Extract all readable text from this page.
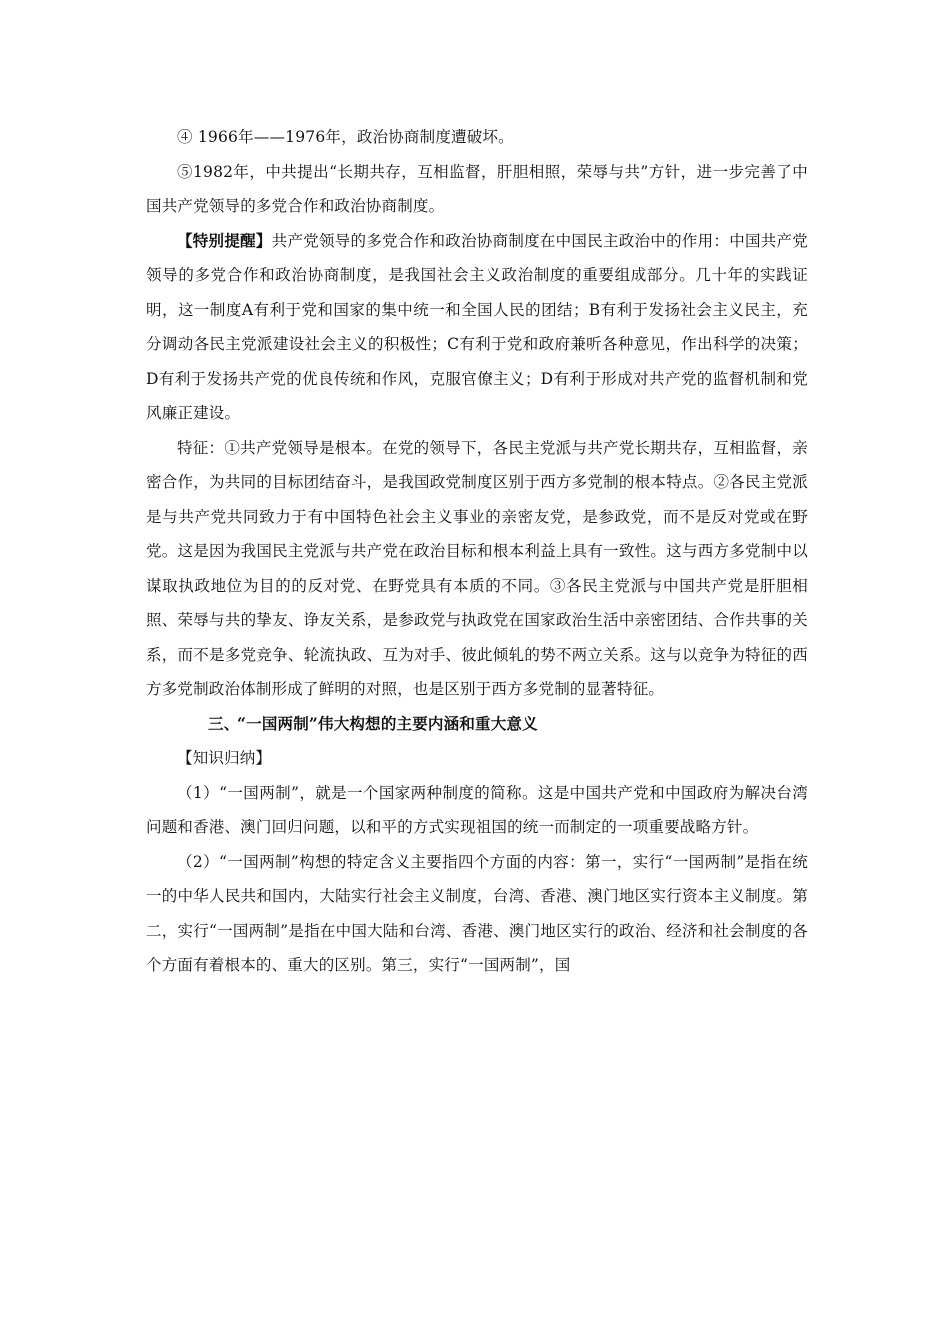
④ 1966年——1976年，政治协商制度遭破坏。

⑤1982年，中共提出“长期共存，互相监督，肝胆相照，荣辱与共”方针，进一步完善了中国共产党领导的多党合作和政治协商制度。

【特别提醒】共产党领导的多党合作和政治协商制度在中国民主政治中的作用：中国共产党领导的多党合作和政治协商制度，是我国社会主义政治制度的重要组成部分。几十年的实践证明，这一制度A有利于党和国家的集中统一和全国人民的团结；B有利于发扬社会主义民主，充分调动各民主党派建设社会主义的积极性；C有利于党和政府兼听各种意见，作出科学的决策；D有利于发扬共产党的优良传统和作风，克服官僚主义；D有利于形成对共产党的监督机制和党风廉正建设。

特征：①共产党领导是根本。在党的领导下，各民主党派与共产党长期共存，互相监督，亲密合作，为共同的目标团结奋斗，是我国政党制度区别于西方多党制的根本特点。②各民主党派是与共产党共同致力于有中国特色社会主义事业的亲密友党，是参政党，而不是反对党或在野党。这是因为我国民主党派与共产党在政治目标和根本利益上具有一致性。这与西方多党制中以谋取执政地位为目的的反对党、在野党具有本质的不同。③各民主党派与中国共产党是肝胆相照、荣辱与共的挚友、诤友关系，是参政党与执政党在国家政治生活中亲密团结、合作共事的关系，而不是多党竞争、轮流执政、互为对手、彼此倾轧的势不两立关系。这与以竞争为特征的西方多党制政治体制形成了鲜明的对照，也是区别于西方多党制的显著特征。

三、“一国两制”伟大构想的主要内涵和重大意义

【知识归纳】

（1）“一国两制”，就是一个国家两种制度的简称。这是中国共产党和中国政府为解决台湾问题和香港、澳门回归问题，以和平的方式实现祖国的统一而制定的一项重要战略方针。

（2）“一国两制”构想的特定含义主要指四个方面的内容：第一，实行“一国两制”是指在统一的中华人民共和国内，大陆实行社会主义制度，台湾、香港、澳门地区实行资本主义制度。第二，实行“一国两制”是指在中国大陆和台湾、香港、澳门地区实行的政治、经济和社会制度的各个方面有着根本的、重大的区别。第三，实行“一国两制”，国
